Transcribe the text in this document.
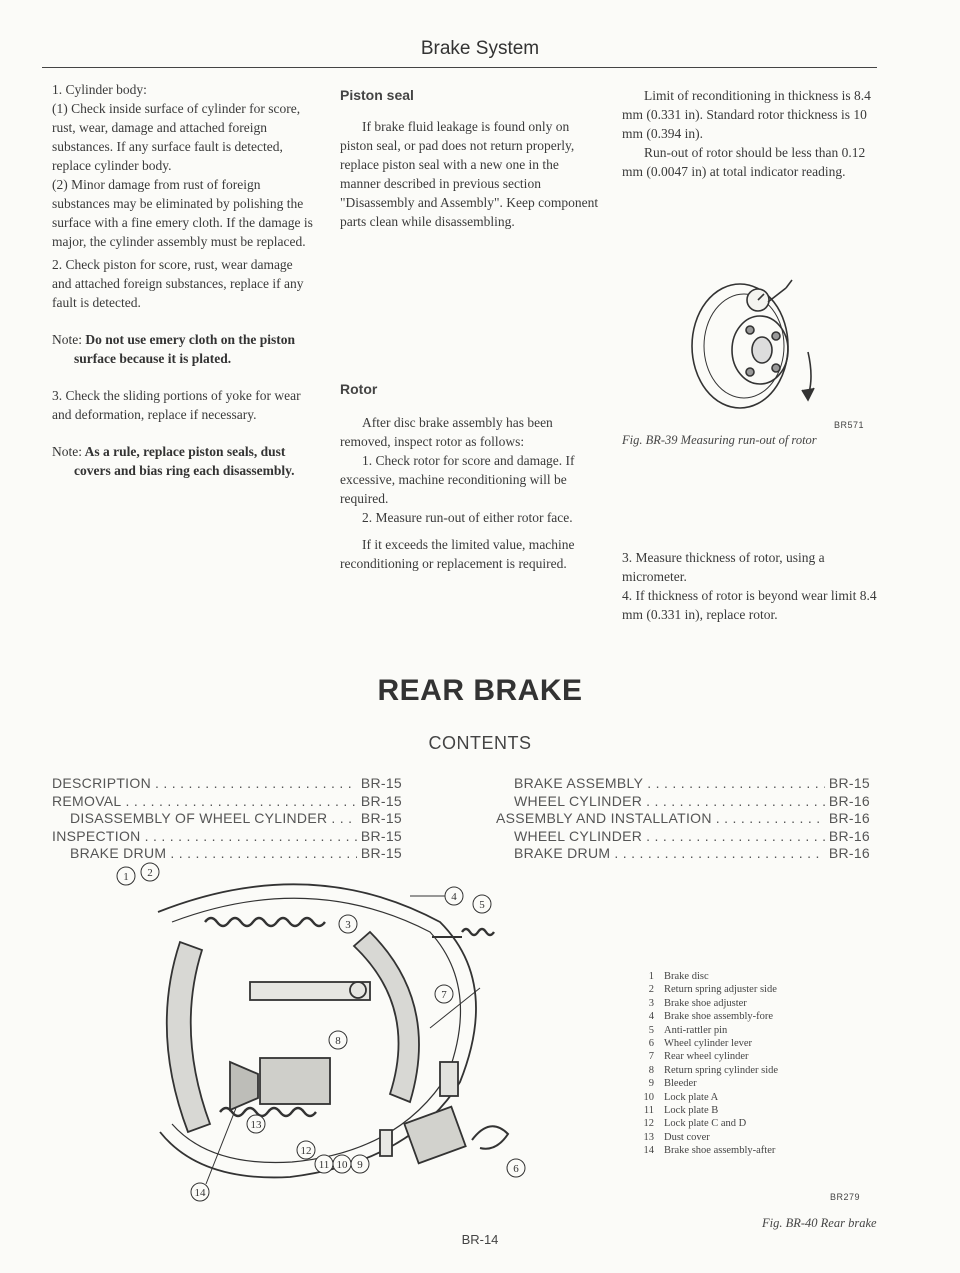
Brake System

1. Cylinder body:

(1) Check inside surface of cylinder for score, rust, wear, damage and attached foreign substances. If any surface fault is detected, replace cylinder body.

(2) Minor damage from rust of foreign substances may be eliminated by polishing the surface with a fine emery cloth. If the damage is major, the cylinder assembly must be replaced.

2. Check piston for score, rust, wear damage and attached foreign substances, replace if any fault is detected.

Note: Do not use emery cloth on the piston surface because it is plated.

3. Check the sliding portions of yoke for wear and deformation, replace if necessary.

Note: As a rule, replace piston seals, dust covers and bias ring each disassembly.

Piston seal

If brake fluid leakage is found only on piston seal, or pad does not return properly, replace piston seal with a new one in the manner described in previous section "Disassembly and Assembly". Keep component parts clean while disassembling.

Rotor

After disc brake assembly has been removed, inspect rotor as follows:

1. Check rotor for score and damage. If excessive, machine reconditioning will be required.

2. Measure run-out of either rotor face.

If it exceeds the limited value, machine reconditioning or replacement is required.

Limit of reconditioning in thickness is 8.4 mm (0.331 in). Standard rotor thickness is 10 mm (0.394 in).

Run-out of rotor should be less than 0.12 mm (0.0047 in) at total indicator reading.

BR571
Fig. BR-39 Measuring run-out of rotor

3. Measure thickness of rotor, using a micrometer.

4. If thickness of rotor is beyond wear limit 8.4 mm (0.331 in), replace rotor.

REAR BRAKE
CONTENTS
DESCRIPTION . . .	BR-15
REMOVAL . . .	BR-15
DISASSEMBLY OF WHEEL CYLINDER . . . BR-15
INSPECTION . . .	BR-15
BRAKE DRUM . . .	BR-15
BRAKE ASSEMBLY . . .	BR-15
WHEEL CYLINDER . . .	BR-16
ASSEMBLY AND INSTALLATION . . .	BR-16
WHEEL CYLINDER . . .	BR-16
BRAKE DRUM . . .	BR-16
1 2
3
4
5
6
7
8
9
10
11
12
13
14
1 Brake disc
2 Return spring adjuster side
3 Brake shoe adjuster
4 Brake shoe assembly-fore
5 Anti-rattler pin
6 Wheel cylinder lever
7 Rear wheel cylinder
8 Return spring cylinder side
9 Bleeder
10 Lock plate A
11 Lock plate B
12 Lock plate C and D
13 Dust cover
14 Brake shoe assembly-after
BR279
Fig. BR-40 Rear brake
BR-14
